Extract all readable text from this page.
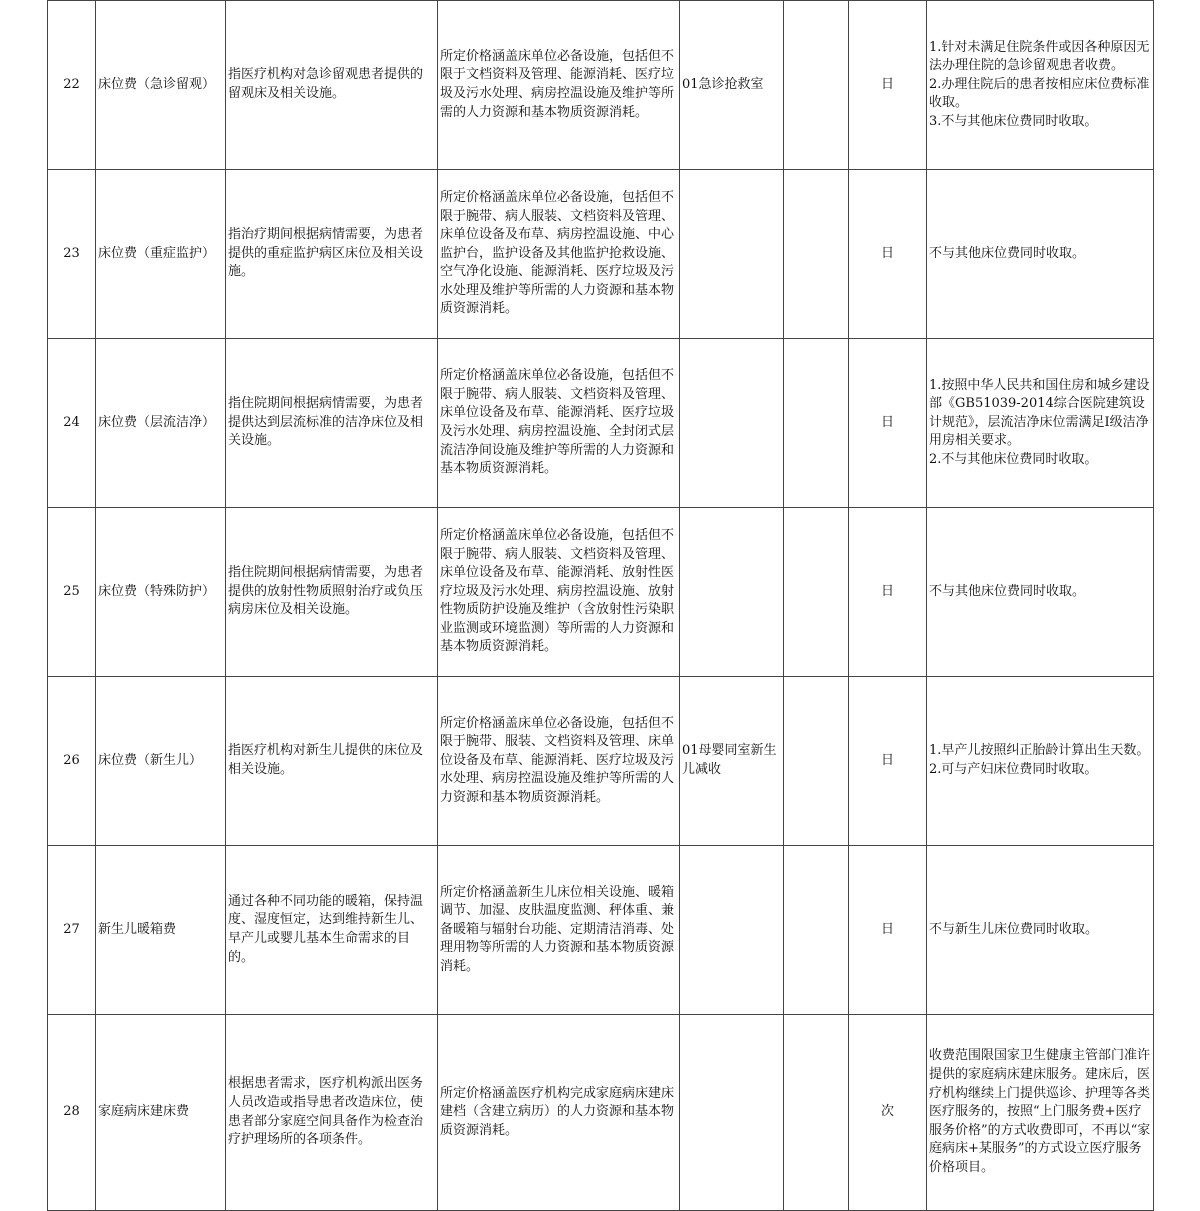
22	床位费（急诊留观）	指医疗机构对急诊留观患者提供的留观床及相关设施。	所定价格涵盖床单位必备设施，包括但不限于文档资料及管理、能源消耗、医疗垃圾及污水处理、病房控温设施及维护等所需的人力资源和基本物质资源消耗。	01急诊抢救室		日	1.针对未满足住院条件或因各种原因无法办理住院的急诊留观患者收费。
2.办理住院后的患者按相应床位费标准收取。
3.不与其他床位费同时收取。
23	床位费（重症监护）	指治疗期间根据病情需要，为患者提供的重症监护病区床位及相关设施。	所定价格涵盖床单位必备设施，包括但不限于腕带、病人服装、文档资料及管理、床单位设备及布草、病房控温设施、中心监护台，监护设备及其他监护抢救设施、空气净化设施、能源消耗、医疗垃圾及污水处理及维护等所需的人力资源和基本物质资源消耗。			日	不与其他床位费同时收取。
24	床位费（层流洁净）	指住院期间根据病情需要，为患者提供达到层流标准的洁净床位及相关设施。	所定价格涵盖床单位必备设施，包括但不限于腕带、病人服装、文档资料及管理、床单位设备及布草、能源消耗、医疗垃圾及污水处理、病房控温设施、全封闭式层流洁净间设施及维护等所需的人力资源和基本物质资源消耗。			日	1.按照中华人民共和国住房和城乡建设部《GB51039-2014综合医院建筑设计规范》，层流洁净床位需满足I级洁净用房相关要求。
2.不与其他床位费同时收取。
25	床位费（特殊防护）	指住院期间根据病情需要，为患者提供的放射性物质照射治疗或负压病房床位及相关设施。	所定价格涵盖床单位必备设施，包括但不限于腕带、病人服装、文档资料及管理、床单位设备及布草、能源消耗、放射性医疗垃圾及污水处理、病房控温设施、放射性物质防护设施及维护（含放射性污染职业监测或环境监测）等所需的人力资源和基本物质资源消耗。			日	不与其他床位费同时收取。
26	床位费（新生儿）	指医疗机构对新生儿提供的床位及相关设施。	所定价格涵盖床单位必备设施，包括但不限于腕带、服装、文档资料及管理、床单位设备及布草、能源消耗、医疗垃圾及污水处理、病房控温设施及维护等所需的人力资源和基本物质资源消耗。	01母婴同室新生儿减收		日	1.早产儿按照纠正胎龄计算出生天数。
2.可与产妇床位费同时收取。
27	新生儿暖箱费	通过各种不同功能的暖箱，保持温度、湿度恒定，达到维持新生儿、早产儿或婴儿基本生命需求的目的。	所定价格涵盖新生儿床位相关设施、暖箱调节、加湿、皮肤温度监测、秤体重、兼备暖箱与辐射台功能、定期清洁消毒、处理用物等所需的人力资源和基本物质资源消耗。			日	不与新生儿床位费同时收取。
28	家庭病床建床费	根据患者需求，医疗机构派出医务人员改造或指导患者改造床位，使患者部分家庭空间具备作为检查治疗护理场所的各项条件。	所定价格涵盖医疗机构完成家庭病床建床建档（含建立病历）的人力资源和基本物质资源消耗。			次	收费范围限国家卫生健康主管部门准许提供的家庭病床建床服务。建床后，医疗机构继续上门提供巡诊、护理等各类医疗服务的，按照“上门服务费+医疗服务价格”的方式收费即可，不再以“家庭病床+某服务”的方式设立医疗服务价格项目。
